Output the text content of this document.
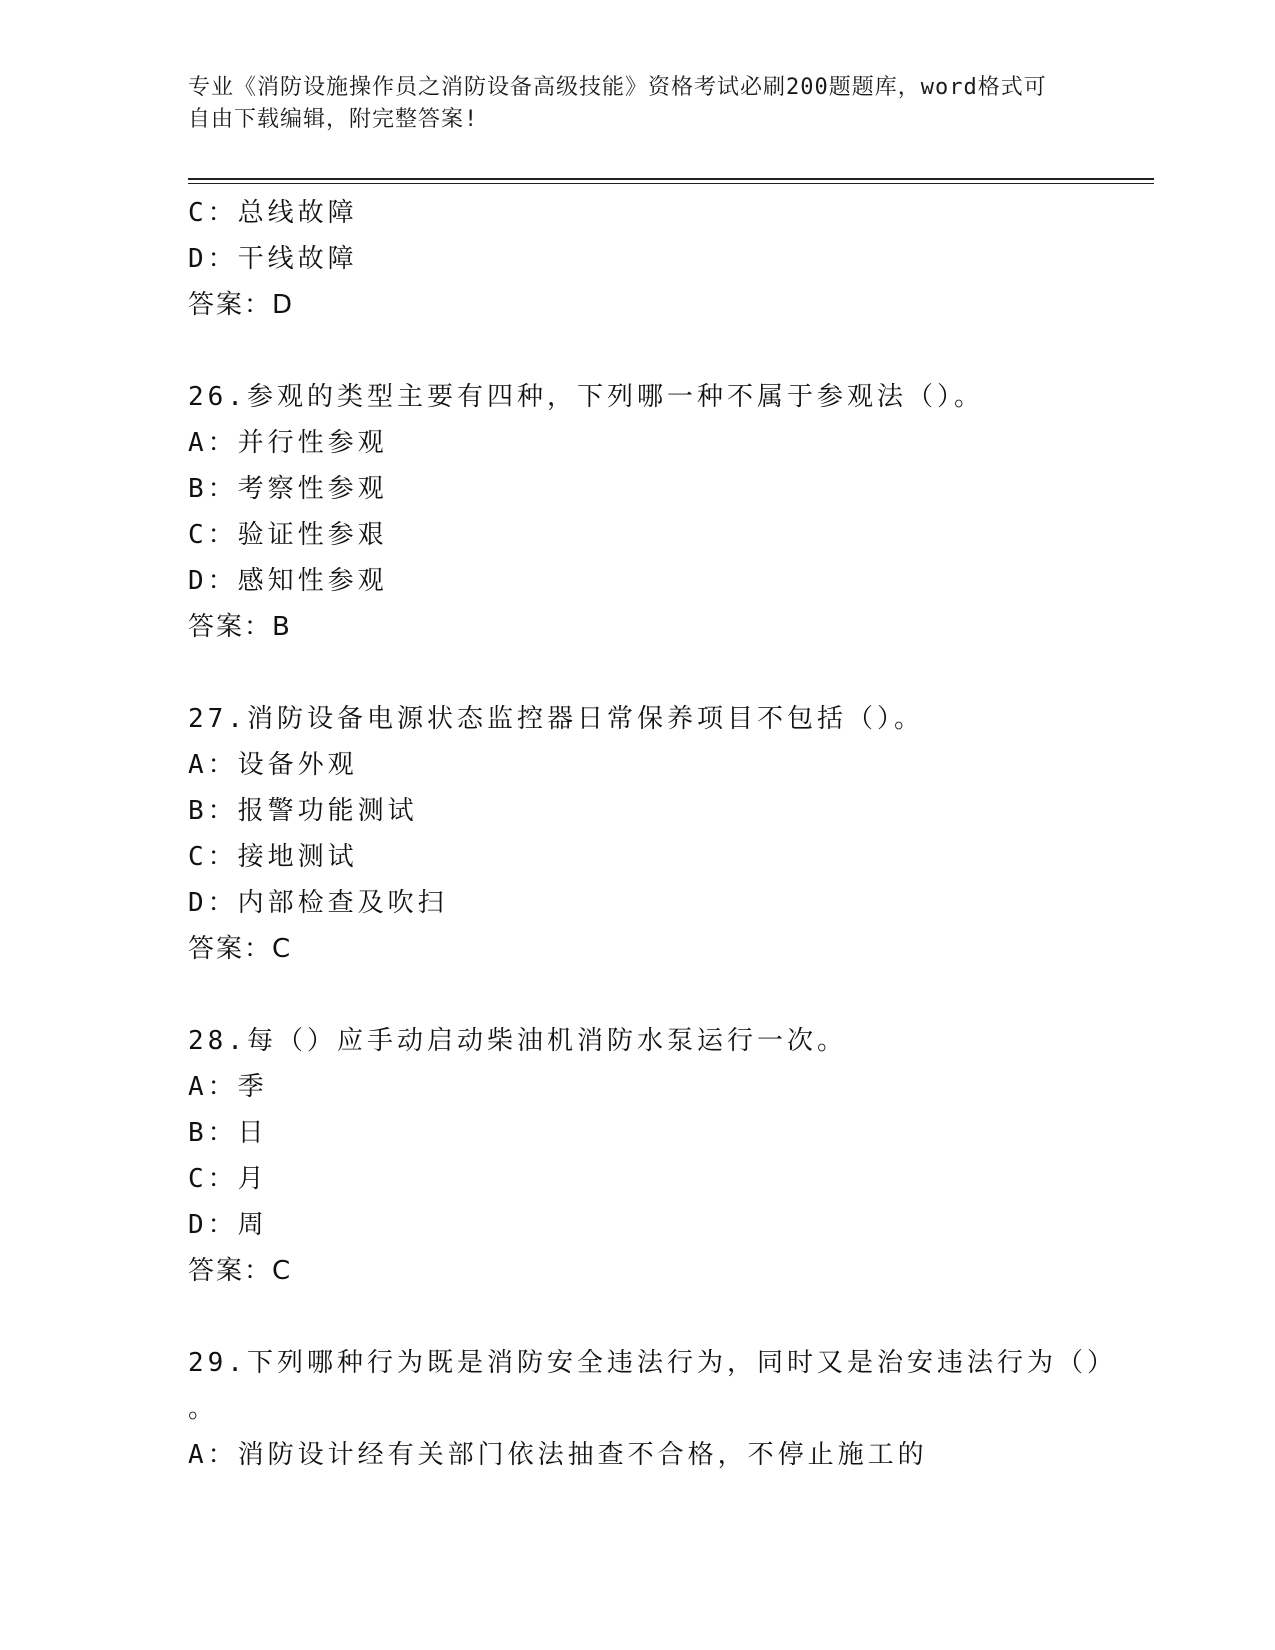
专业《消防设施操作员之消防设备高级技能》资格考试必刷200题题库，word格式可自由下载编辑，附完整答案!
C：总线故障
D：干线故障
答案：D
26.参观的类型主要有四种，下列哪一种不属于参观法（）。
A：并行性参观
B：考察性参观
C：验证性参艰
D：感知性参观
答案：B
27.消防设备电源状态监控器日常保养项目不包括（）。
A：设备外观
B：报警功能测试
C：接地测试
D：内部检查及吹扫
答案：C
28.每（）应手动启动柴油机消防水泵运行一次。
A：季
B：日
C：月
D：周
答案：C
29.下列哪种行为既是消防安全违法行为，同时又是治安违法行为（）
。
A：消防设计经有关部门依法抽查不合格，不停止施工的
